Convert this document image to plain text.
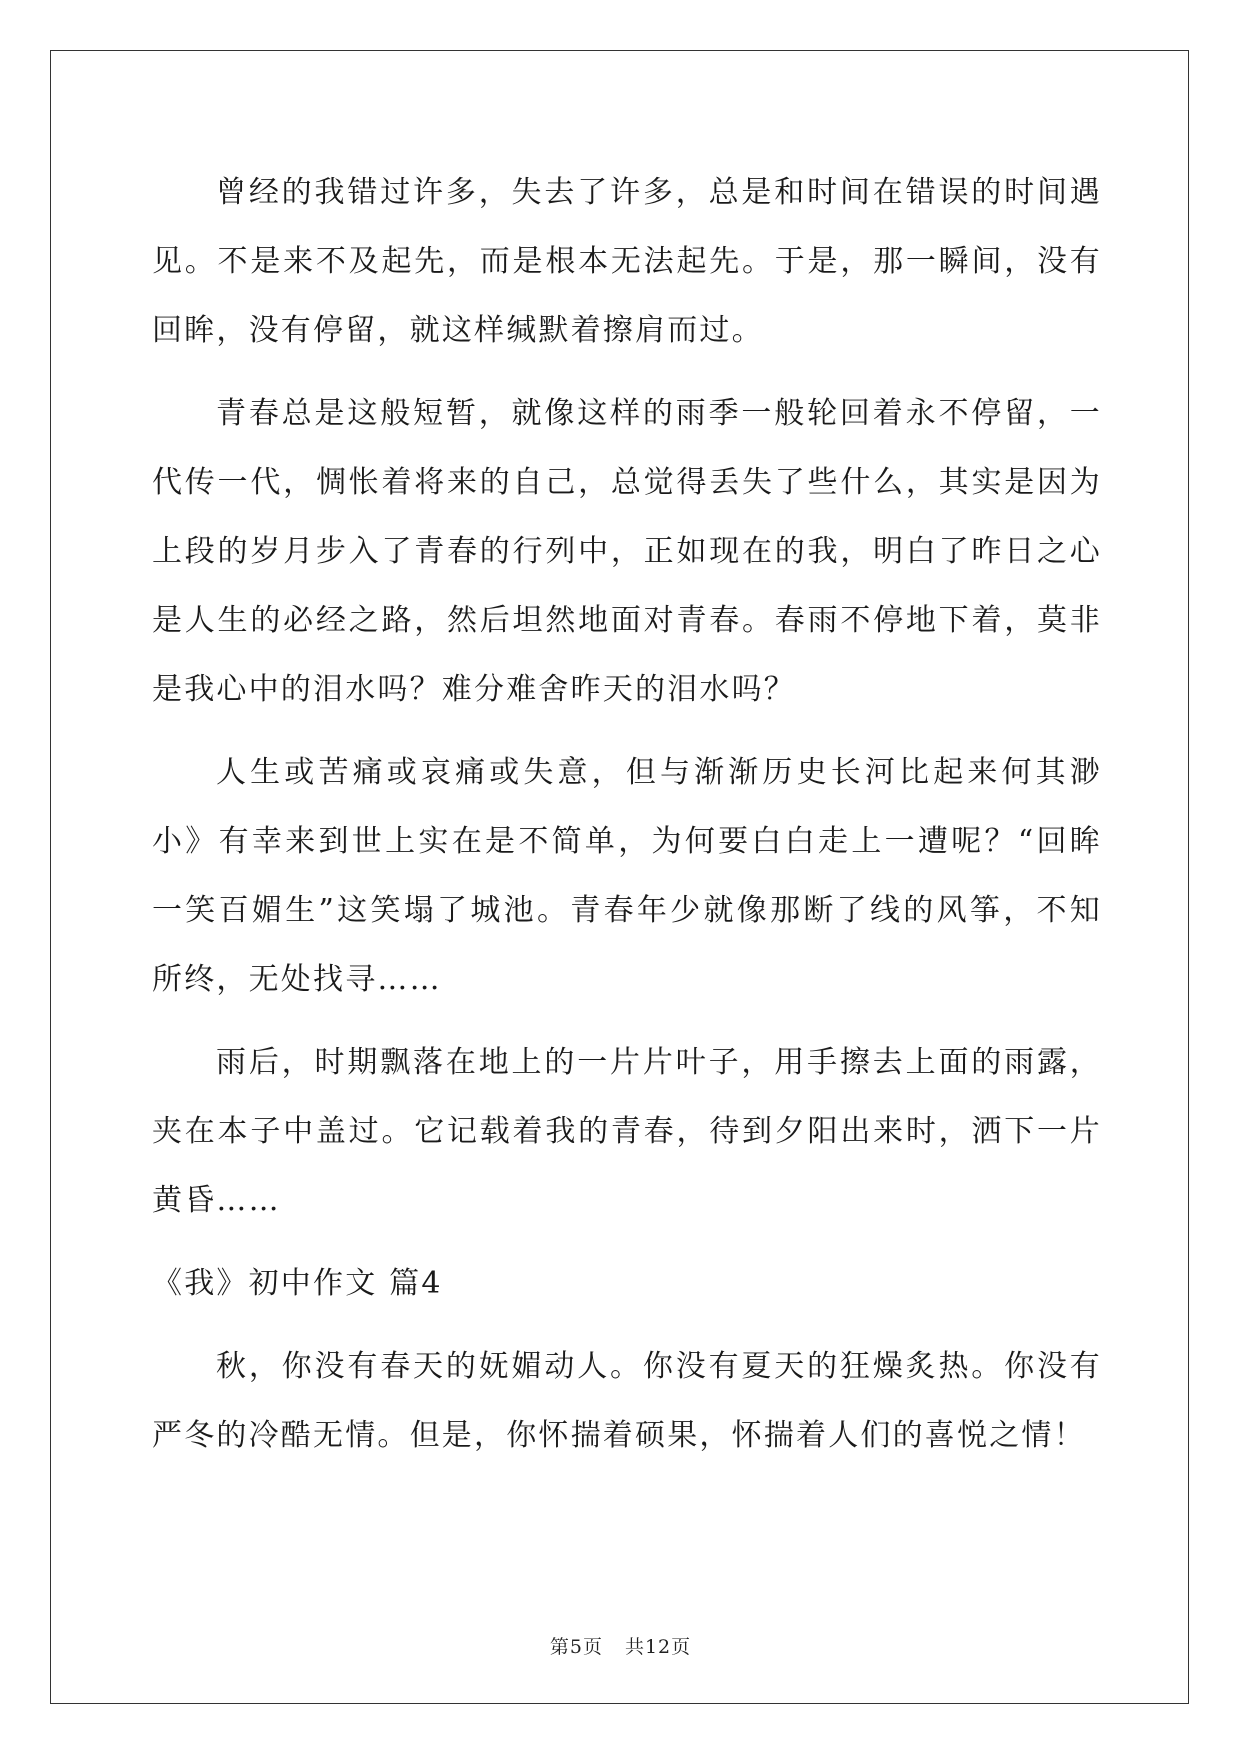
曾经的我错过许多，失去了许多，总是和时间在错误的时间遇见。不是来不及起先，而是根本无法起先。于是，那一瞬间，没有回眸，没有停留，就这样缄默着擦肩而过。

青春总是这般短暂，就像这样的雨季一般轮回着永不停留，一代传一代，惆怅着将来的自己，总觉得丢失了些什么，其实是因为上段的岁月步入了青春的行列中，正如现在的我，明白了昨日之心是人生的必经之路，然后坦然地面对青春。春雨不停地下着，莫非是我心中的泪水吗？难分难舍昨天的泪水吗？

人生或苦痛或哀痛或失意，但与渐渐历史长河比起来何其渺小》有幸来到世上实在是不简单，为何要白白走上一遭呢？“回眸一笑百媚生”这笑塌了城池。青春年少就像那断了线的风筝，不知所终，无处找寻……

雨后，时期飘落在地上的一片片叶子，用手擦去上面的雨露，夹在本子中盖过。它记载着我的青春，待到夕阳出来时，洒下一片黄昏……

《我》初中作文 篇4

秋，你没有春天的妩媚动人。你没有夏天的狂燥炙热。你没有严冬的冷酷无情。但是，你怀揣着硕果，怀揣着人们的喜悦之情！

第5页 共12页
